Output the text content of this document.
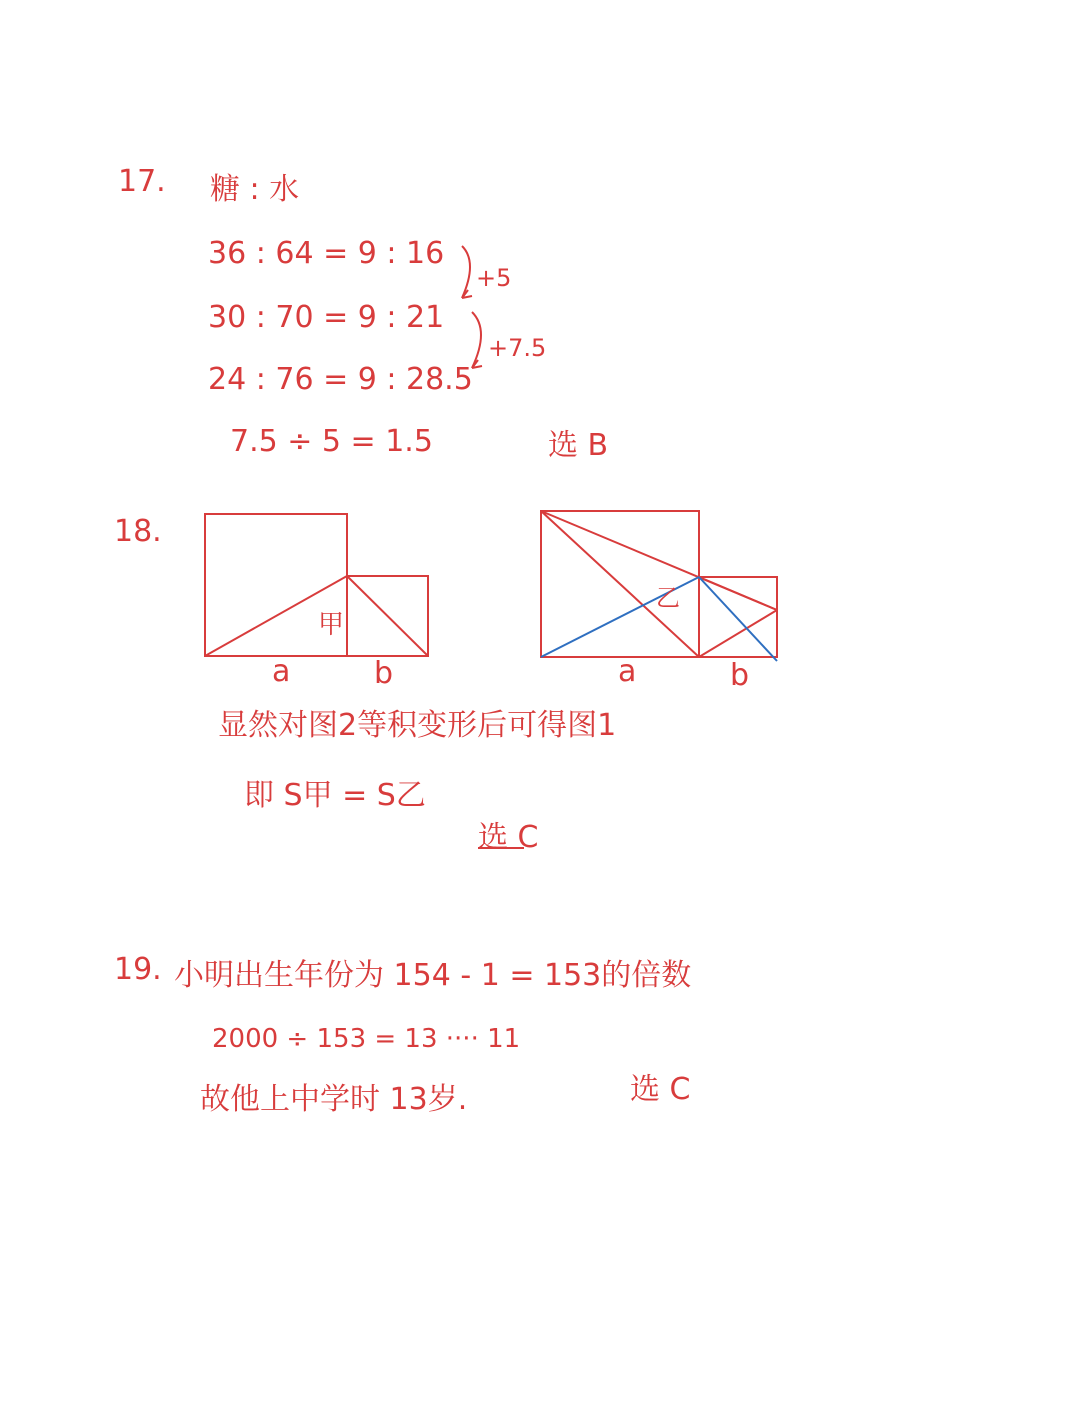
17. 糖 : 水
36 : 64 = 9 : 16
30 : 70 = 9 : 21
24 : 76 = 9 : 28.5
+5
+7.5
7.5 ÷ 5 = 1.5	选 B
18.
甲
乙
a	b	a	b
显然对图2等积变形后可得图1
即 S甲 = S乙
选 C
19. 小明出生年份为 154 - 1 = 153的倍数
2000 ÷ 153 = 13 ···· 11
故他上中学时 13岁.	选 C
